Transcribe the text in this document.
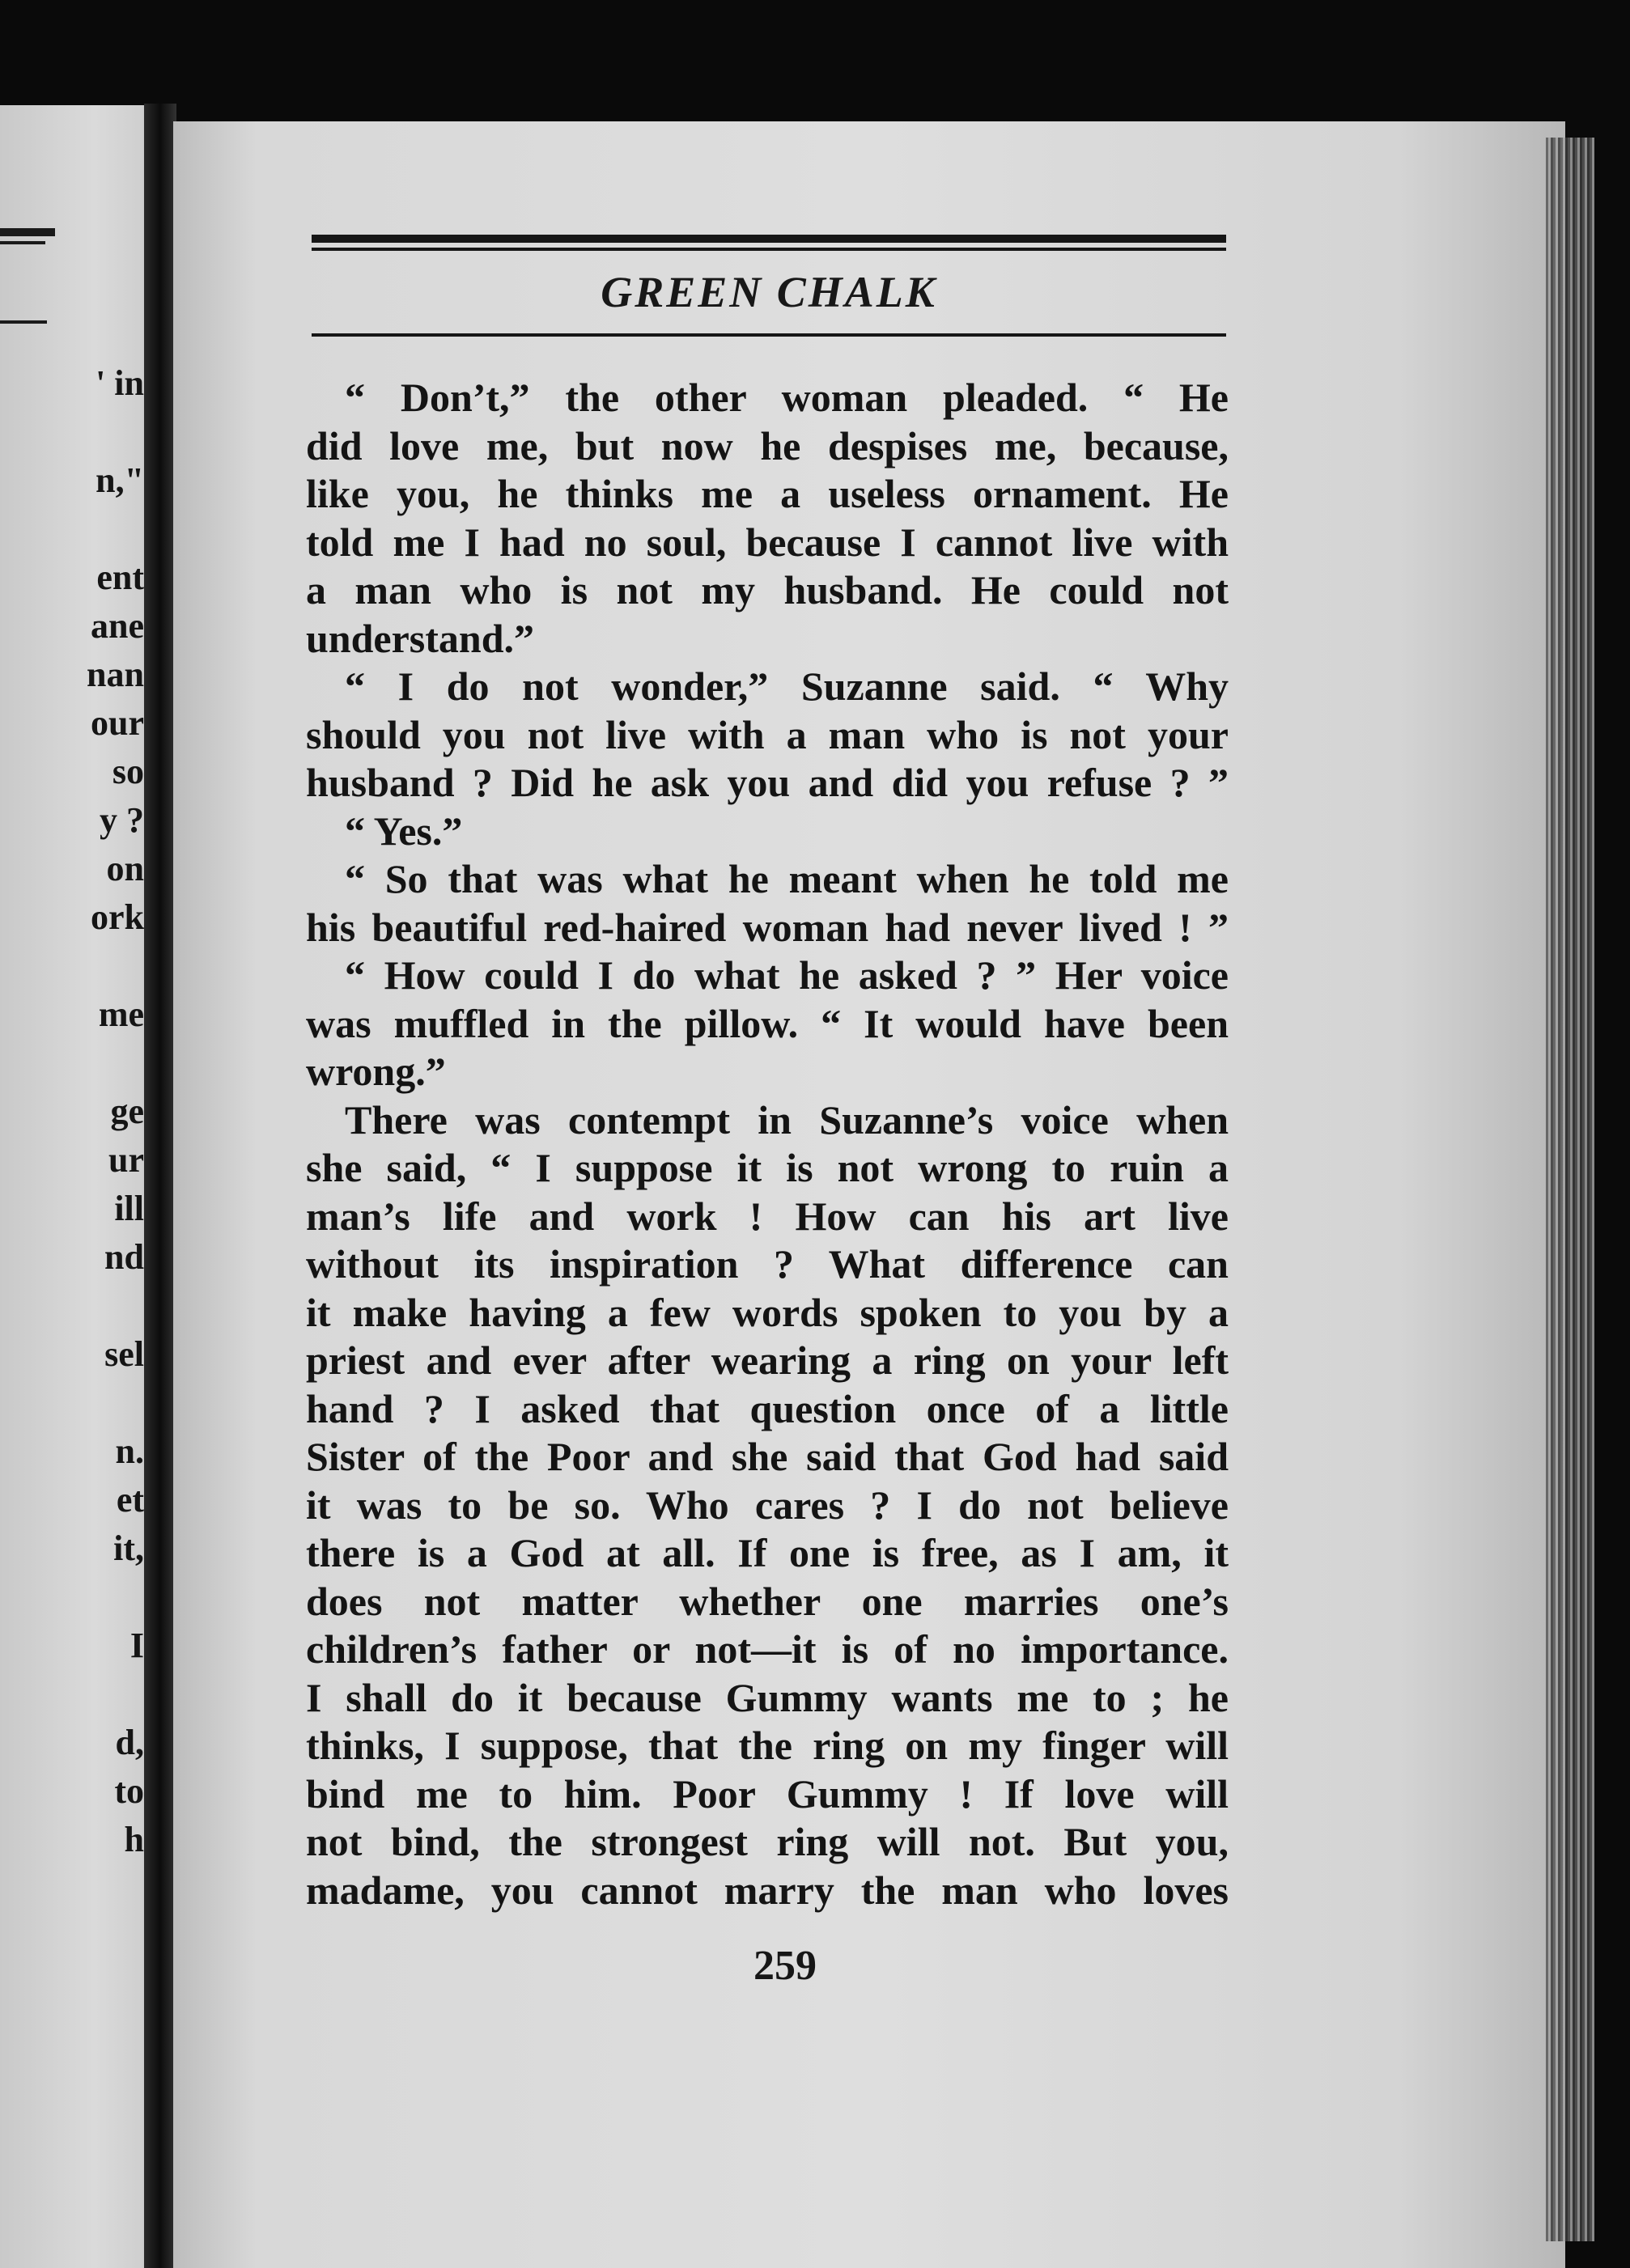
' in
n,"
ent
ane
nan
our
so
y ?
on
ork
me
ge
ur
ill
nd
sel
n.
et
it,
I
d,
to
h
GREEN CHALK
“ Don’t,” the other woman pleaded. “ He
did love me, but now he despises me, because,
like you, he thinks me a useless ornament. He
told me I had no soul, because I cannot live with
a man who is not my husband. He could not
understand.”
“ I do not wonder,” Suzanne said. “ Why
should you not live with a man who is not your
husband ? Did he ask you and did you refuse ? ”
“ Yes.”
“ So that was what he meant when he told me
his beautiful red-haired woman had never lived ! ”
“ How could I do what he asked ? ” Her voice
was muffled in the pillow. “ It would have been
wrong.”
There was contempt in Suzanne’s voice when
she said, “ I suppose it is not wrong to ruin a
man’s life and work ! How can his art live
without its inspiration ? What difference can
it make having a few words spoken to you by a
priest and ever after wearing a ring on your left
hand ? I asked that question once of a little
Sister of the Poor and she said that God had said
it was to be so. Who cares ? I do not believe
there is a God at all. If one is free, as I am, it
does not matter whether one marries one’s
children’s father or not—it is of no importance.
I shall do it because Gummy wants me to ; he
thinks, I suppose, that the ring on my finger will
bind me to him. Poor Gummy ! If love will
not bind, the strongest ring will not. But you,
madame, you cannot marry the man who loves
259
